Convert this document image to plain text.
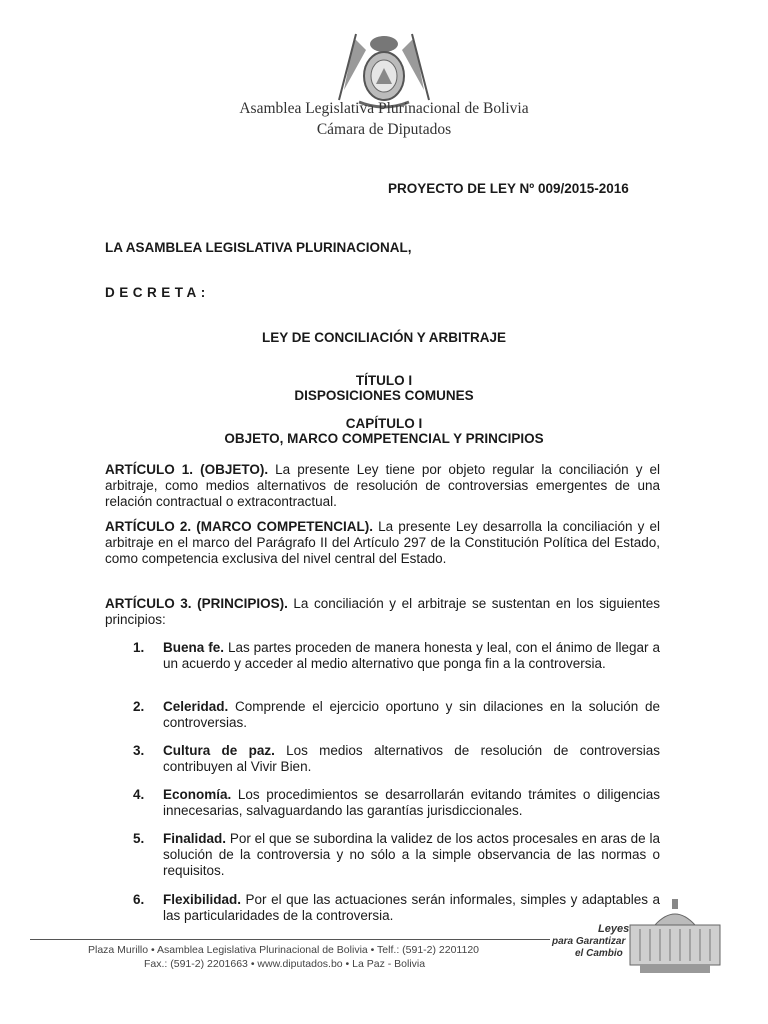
Asamblea Legislativa Plurinacional de Bolivia
Cámara de Diputados
PROYECTO DE LEY Nº 009/2015-2016
LA ASAMBLEA LEGISLATIVA PLURINACIONAL,
DECRETA:
LEY DE CONCILIACIÓN Y ARBITRAJE
TÍTULO I
DISPOSICIONES COMUNES
CAPÍTULO I
OBJETO, MARCO COMPETENCIAL Y PRINCIPIOS
ARTÍCULO 1. (OBJETO). La presente Ley tiene por objeto regular la conciliación y el arbitraje, como medios alternativos de resolución de controversias emergentes de una relación contractual o extracontractual.
ARTÍCULO 2. (MARCO COMPETENCIAL). La presente Ley desarrolla la conciliación y el arbitraje en el marco del Parágrafo II del Artículo 297 de la Constitución Política del Estado, como competencia exclusiva del nivel central del Estado.
ARTÍCULO 3. (PRINCIPIOS). La conciliación y el arbitraje se sustentan en los siguientes principios:
1.	Buena fe. Las partes proceden de manera honesta y leal, con el ánimo de llegar a un acuerdo y acceder al medio alternativo que ponga fin a la controversia.
2.	Celeridad. Comprende el ejercicio oportuno y sin dilaciones en la solución de controversias.
3.	Cultura de paz. Los medios alternativos de resolución de controversias contribuyen al Vivir Bien.
4.	Economía. Los procedimientos se desarrollarán evitando trámites o diligencias innecesarias, salvaguardando las garantías jurisdiccionales.
5.	Finalidad. Por el que se subordina la validez de los actos procesales en aras de la solución de la controversia y no sólo a la simple observancia de las normas o requisitos.
6.	Flexibilidad. Por el que las actuaciones serán informales, simples y adaptables a las particularidades de la controversia.
Plaza Murillo • Asamblea Legislativa Plurinacional de Bolivia • Telf.: (591-2) 2201120
Fax.: (591-2) 2201663 • www.diputados.bo • La Paz - Bolivia
Leyes
para Garantizar
el Cambio
